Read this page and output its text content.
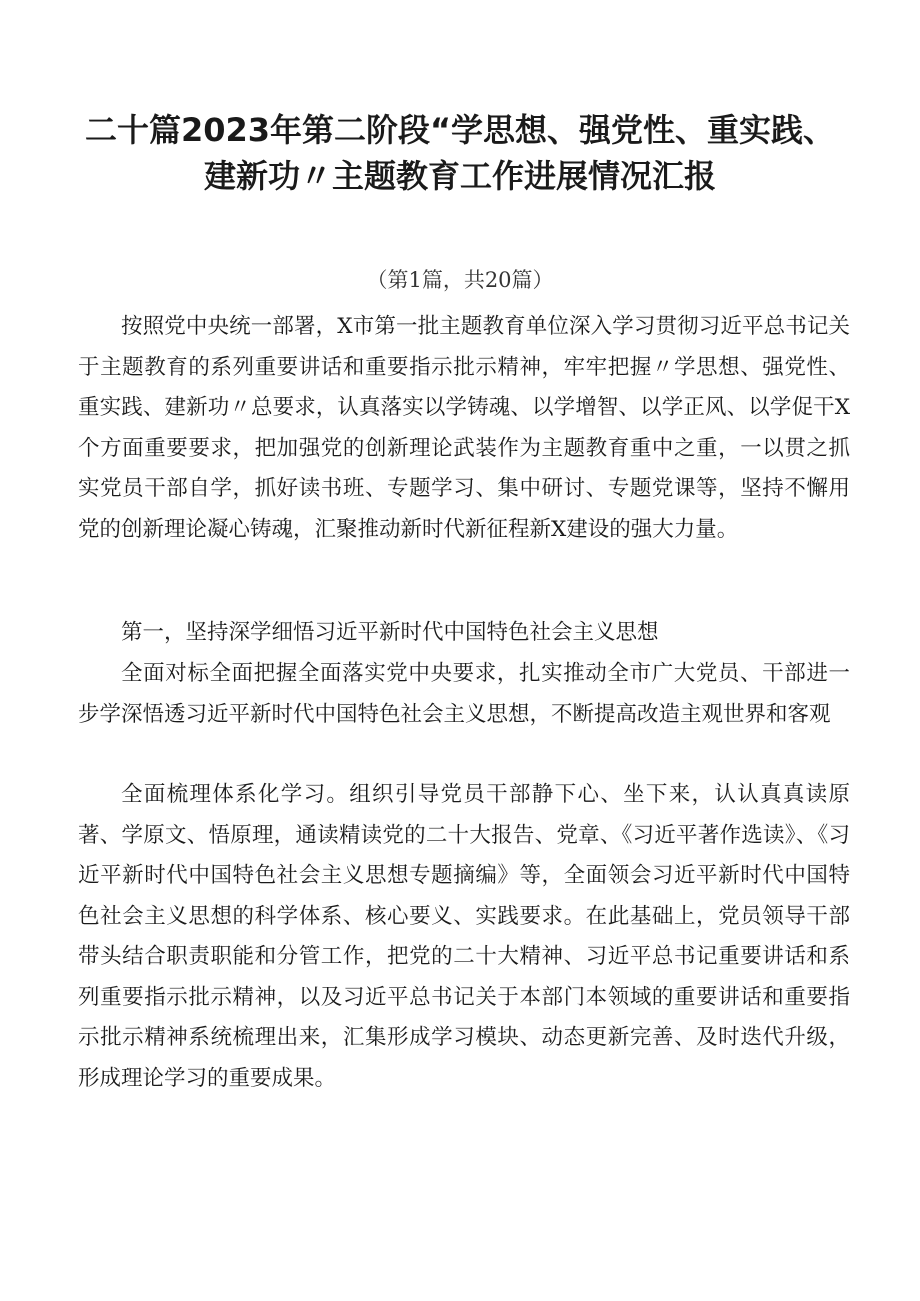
二十篇2023年第二阶段“学思想、强党性、重实践、
建新功〃主题教育工作进展情况汇报
（第1篇，共20篇）

按照党中央统一部署，X市第一批主题教育单位深入学习贯彻习近平总书记关于主题教育的系列重要讲话和重要指示批示精神，牢牢把握〃学思想、强党性、重实践、建新功〃总要求，认真落实以学铸魂、以学增智、以学正风、以学促干X个方面重要要求，把加强党的创新理论武装作为主题教育重中之重，一以贯之抓实党员干部自学，抓好读书班、专题学习、集中研讨、专题党课等，坚持不懈用党的创新理论凝心铸魂，汇聚推动新时代新征程新X建设的强大力量。

第一，坚持深学细悟习近平新时代中国特色社会主义思想

全面对标全面把握全面落实党中央要求，扎实推动全市广大党员、干部进一步学深悟透习近平新时代中国特色社会主义思想，不断提高改造主观世界和客观

全面梳理体系化学习。组织引导党员干部静下心、坐下来，认认真真读原著、学原文、悟原理，通读精读党的二十大报告、党章、《习近平著作选读》、《习近平新时代中国特色社会主义思想专题摘编》等，全面领会习近平新时代中国特色社会主义思想的科学体系、核心要义、实践要求。在此基础上，党员领导干部带头结合职责职能和分管工作，把党的二十大精神、习近平总书记重要讲话和系列重要指示批示精神，以及习近平总书记关于本部门本领域的重要讲话和重要指示批示精神系统梳理出来，汇集形成学习模块、动态更新完善、及时迭代升级，形成理论学习的重要成果。
